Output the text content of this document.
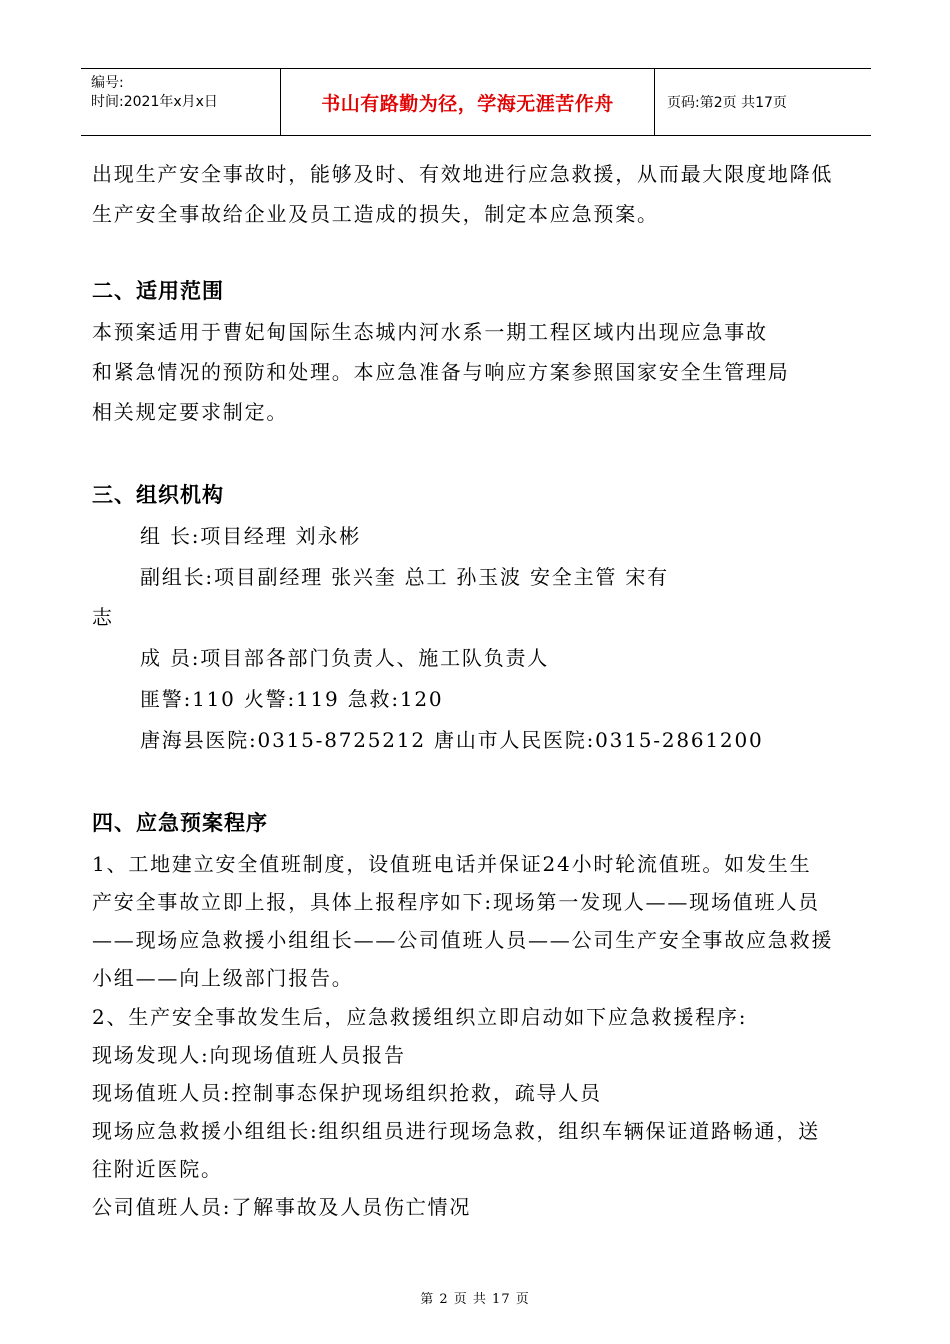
编号:
时间:2021年x月x日	书山有路勤为径，学海无涯苦作舟	页码:第2页 共17页
出现生产安全事故时，能够及时、有效地进行应急救援，从而最大限度地降低
生产安全事故给企业及员工造成的损失，制定本应急预案。
二、适用范围
本预案适用于曹妃甸国际生态城内河水系一期工程区域内出现应急事故
和紧急情况的预防和处理。本应急准备与响应方案参照国家安全生管理局
相关规定要求制定。
三、组织机构
组 长:项目经理 刘永彬
副组长:项目副经理 张兴奎 总工 孙玉波 安全主管 宋有
志
成 员:项目部各部门负责人、施工队负责人
匪警:110 火警:119 急救:120
唐海县医院:0315-8725212 唐山市人民医院:0315-2861200
四、应急预案程序
1、工地建立安全值班制度，设值班电话并保证24小时轮流值班。如发生生
产安全事故立即上报，具体上报程序如下:现场第一发现人——现场值班人员
——现场应急救援小组组长——公司值班人员——公司生产安全事故应急救援
小组——向上级部门报告。
2、生产安全事故发生后，应急救援组织立即启动如下应急救援程序:
现场发现人:向现场值班人员报告
现场值班人员:控制事态保护现场组织抢救，疏导人员
现场应急救援小组组长:组织组员进行现场急救，组织车辆保证道路畅通，送
往附近医院。
公司值班人员:了解事故及人员伤亡情况
第 2 页 共 17 页
